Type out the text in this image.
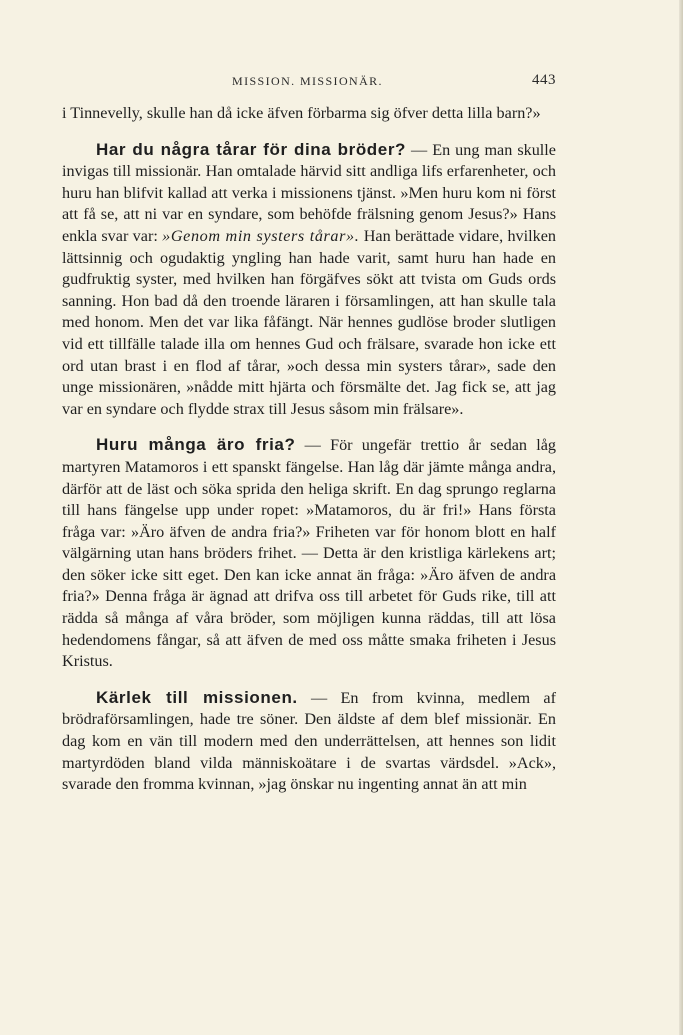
MISSION. MISSIONÄR.	443

i Tinnevelly, skulle han då icke äfven förbarma sig öfver detta lilla barn?»

Har du några tårar för dina bröder? — En ung man skulle invigas till missionär. Han omtalade härvid sitt andliga lifs erfarenheter, och huru han blifvit kallad att verka i missionens tjänst. »Men huru kom ni först att få se, att ni var en syndare, som behöfde frälsning genom Jesus?» Hans enkla svar var: »Genom min systers tårar». Han berättade vidare, hvilken lättsinnig och ogudaktig yngling han hade varit, samt huru han hade en gudfruktig syster, med hvilken han förgäfves sökt att tvista om Guds ords sanning. Hon bad då den troende läraren i församlingen, att han skulle tala med honom. Men det var lika fåfängt. När hennes gudlöse broder slutligen vid ett tillfälle talade illa om hennes Gud och frälsare, svarade hon icke ett ord utan brast i en flod af tårar, »och dessa min systers tårar», sade den unge missionären, »nådde mitt hjärta och försmälte det. Jag fick se, att jag var en syndare och flydde strax till Jesus såsom min frälsare».

Huru många äro fria? — För ungefär trettio år sedan låg martyren Matamoros i ett spanskt fängelse. Han låg där jämte många andra, därför att de läst och söka sprida den heliga skrift. En dag sprungo reglarna till hans fängelse upp under ropet: »Matamoros, du är fri!» Hans första fråga var: »Äro äfven de andra fria?» Friheten var för honom blott en half välgärning utan hans bröders frihet. — Detta är den kristliga kärlekens art; den söker icke sitt eget. Den kan icke annat än fråga: »Äro äfven de andra fria?» Denna fråga är ägnad att drifva oss till arbetet för Guds rike, till att rädda så många af våra bröder, som möjligen kunna räddas, till att lösa hedendomens fångar, så att äfven de med oss måtte smaka friheten i Jesus Kristus.

Kärlek till missionen. — En from kvinna, medlem af brödraförsamlingen, hade tre söner. Den äldste af dem blef missionär. En dag kom en vän till modern med den underrättelsen, att hennes son lidit martyrdöden bland vilda människoätare i de svartas värdsdel. »Ack», svarade den fromma kvinnan, »jag önskar nu ingenting annat än att min
